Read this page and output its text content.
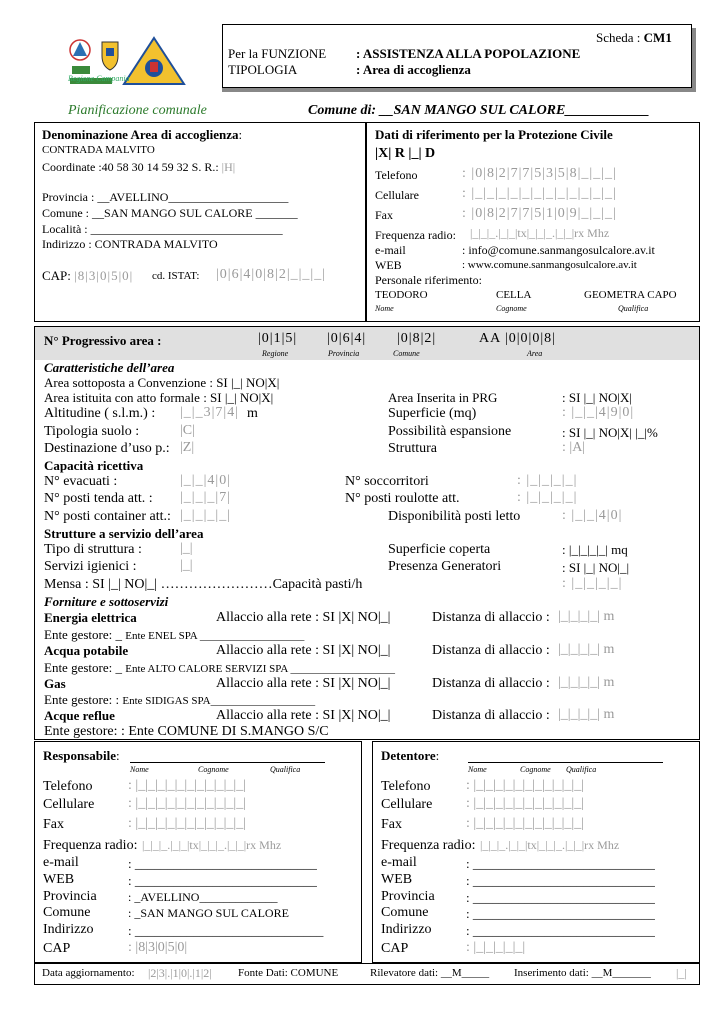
Scheda : CM1
Per la FUNZIONE : ASSISTENZA ALLA POPOLAZIONE
TIPOLOGIA	: Area di accoglienza
Regione Campania
Pianificazione comunale	Comune di: __SAN MANGO SUL CALORE____________
Denominazione Area di accoglienza:
CONTRADA MALVITO
Coordinate :40 58 30 14 59 32 S. R.: |H|
Provincia : __AVELLINO____________________
Comune : __SAN MANGO SUL CALORE _______
Località : ________________________________
Indirizzo : CONTRADA MALVITO
CAP: |8|3|0|5|0| cd. ISTAT: |0|6|4|0|8|2|_|_|_|
Dati di riferimento per la Protezione Civile
|X| R |_| D
Telefono	: |0|8|2|7|7|5|3|5|8|_|_|_|
Cellulare	: |_|_|_|_|_|_|_|_|_|_|_|_|
Fax	: |0|8|2|7|7|5|1|0|9|_|_|_|
Frequenza radio: |_|_|_.|_|_|tx|_|_|_.|_|_|rx Mhz
e-mail	: info@comune.sanmangosulcalore.av.it
WEB	: www.comune.sanmangosulcalore.av.it
Personale riferimento:
TEODORO	CELLA	GEOMETRA CAPO
Nome	Cognome	Qualifica
N° Progressivo area :	|0|1|5| |0|6|4| |0|8|2|	AA |0|0|0|8|
Regione	Provincia	Comune	Area
Caratteristiche dell’area
Area sottoposta a Convenzione : SI |_| NO|X|
Area istituita con atto formale : SI |_| NO|X|	Area Inserita in PRG	: SI |_| NO|X|
Altitudine ( s.l.m.) : |_|_3|7|4| m	Superficie (mq)	: |_|_|4|9|0|
Tipologia suolo :	|C|	Possibilità espansione	: SI |_| NO|X| |_|%
Destinazione d’uso p.: |Z|	Struttura	: |A|
Capacità ricettiva
N° evacuati :	|_|_|4|0|	N° soccorritori	: |_|_|_|_|
N° posti tenda att. : |_|_|_|7|	N° posti roulotte att.	: |_|_|_|_|
N° posti container att.: |_|_|_|_|	Disponibilità posti letto	: |_|_|4|0|
Strutture a servizio dell’area
Tipo di struttura :	|_|	Superficie coperta	: |_|_|_|_| mq
Servizi igienici :	|_|	Presenza Generatori	: SI |_| NO|_|
Mensa : SI |_| NO|_| ……………………Capacità pasti/h	: |_|_|_|_|
Forniture e sottoservizi
Energia elettrica	Allaccio alla rete : SI |X| NO|_|	Distanza di allaccio : |_|_|_|_| m
Ente gestore: _ Ente ENEL SPA ___________________
Acqua potabile	Allaccio alla rete : SI |X| NO|_|	Distanza di allaccio : |_|_|_|_| m
Ente gestore: _ Ente ALTO CALORE SERVIZI SPA ___________________
Gas	Allaccio alla rete : SI |X| NO|_|	Distanza di allaccio : |_|_|_|_| m
Ente gestore: : Ente SIDIGAS SPA___________________
Acque reflue	Allaccio alla rete : SI |X| NO|_|	Distanza di allaccio : |_|_|_|_| m
Ente gestore: : Ente COMUNE DI S.MANGO S/C
Responsabile:
Nome	Cognome	Qualifica
Telefono	: |_|_|_|_|_|_|_|_|_|_|_|
Cellulare : |_|_|_|_|_|_|_|_|_|_|_|
Fax	: |_|_|_|_|_|_|_|_|_|_|_|
Frequenza radio: |_|_|_.|_|_|tx|_|_|_.|_|_|rx Mhz
e-mail	: ____________________________
WEB	: ____________________________
Provincia	: _AVELLINO_____________
Comune	: _SAN MANGO SUL CALORE
Indirizzo	: _____________________________
CAP	: |8|3|0|5|0|
Detentore:
Nome	Cognome Qualifica
Telefono	: |_|_|_|_|_|_|_|_|_|_|_|
Cellulare : |_|_|_|_|_|_|_|_|_|_|_|
Fax	: |_|_|_|_|_|_|_|_|_|_|_|
Frequenza radio: |_|_|_.|_|_|tx|_|_|_.|_|_|rx Mhz
e-mail	: ____________________________
WEB	: ____________________________
Provincia : ____________________________
Comune	: ____________________________
Indirizzo	: ____________________________
CAP	: |_|_|_|_|_|
Data aggiornamento: |2|3|.|1|0|.|1|2| Fonte Dati: COMUNE	Rilevatore dati: __M_____ Inserimento dati: __M_______ |_|
